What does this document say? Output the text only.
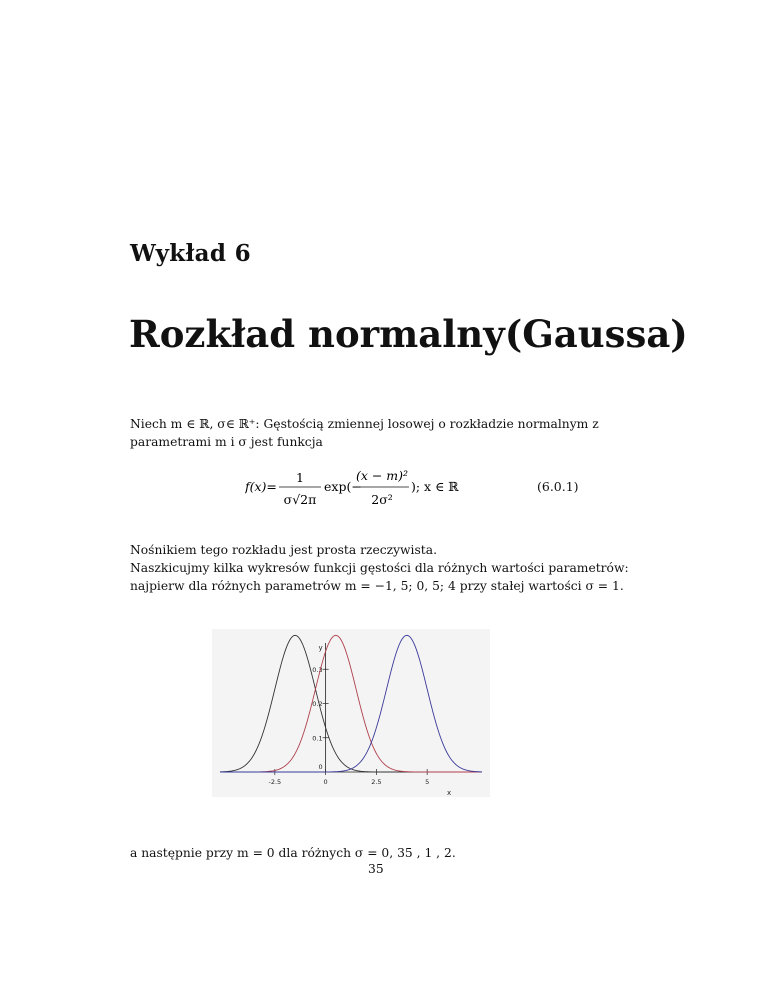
Wykład 6
Rozkład normalny(Gaussa)
Niech m ∈ ℝ, σ∈ ℝ⁺: Gęstością zmiennej losowej o rozkładzie normalnym z
parametrami m i σ jest funkcja
f(x)=
1
σ√2π
exp(−
(x − m)²
2σ²
); x ∈ ℝ	(6.0.1)
Nośnikiem tego rozkładu jest prosta rzeczywista.
Naszkicujmy kilka wykresów funkcji gęstości dla różnych wartości parametrów:
najpierw dla różnych parametrów m = −1, 5; 0, 5; 4 przy stałej wartości σ = 1.
y
x
-2.5	0	2.5	5
0
0.1
0.2
0.3
a następnie przy m = 0 dla różnych σ = 0, 35 , 1 , 2.
35
